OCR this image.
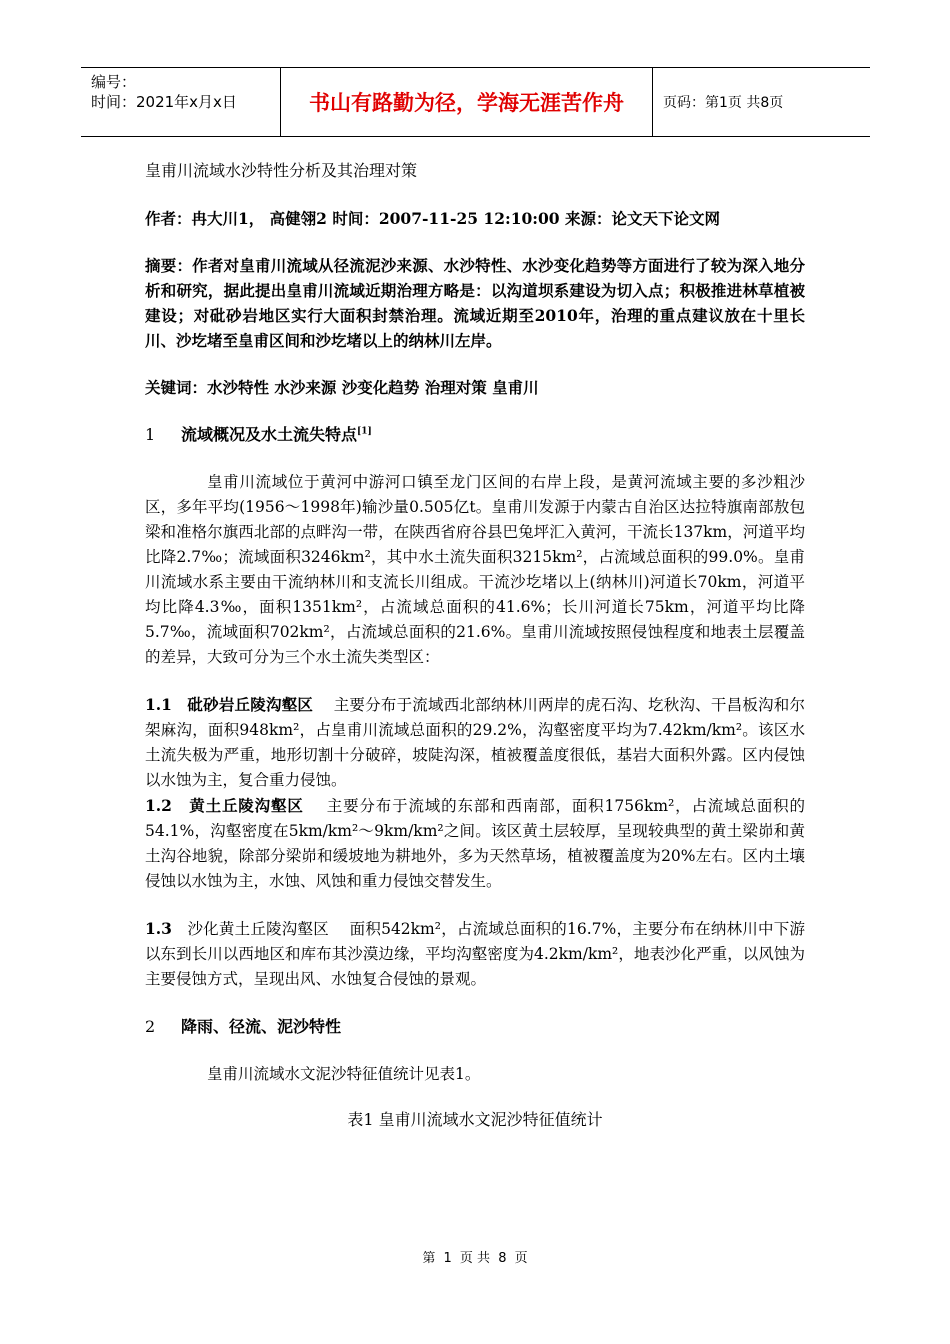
编号：
时间：2021年x月x日	书山有路勤为径，学海无涯苦作舟	页码：第1页 共8页
皇甫川流域水沙特性分析及其治理对策

作者：冉大川1， 高健翎2 时间：2007-11-25 12:10:00 来源：论文天下论文网

摘要：作者对皇甫川流域从径流泥沙来源、水沙特性、水沙变化趋势等方面进行了较为深入地分析和研究，据此提出皇甫川流域近期治理方略是：以沟道坝系建设为切入点；积极推进林草植被建设；对砒砂岩地区实行大面积封禁治理。流域近期至2010年，治理的重点建议放在十里长川、沙圪堵至皇甫区间和沙圪堵以上的纳林川左岸。

关键词：水沙特性 水沙来源 沙变化趋势 治理对策 皇甫川

1 流域概况及水土流失特点[1]

皇甫川流域位于黄河中游河口镇至龙门区间的右岸上段，是黄河流域主要的多沙粗沙区，多年平均(1956～1998年)输沙量0.505亿t。皇甫川发源于内蒙古自治区达拉特旗南部敖包梁和准格尔旗西北部的点畔沟一带，在陕西省府谷县巴兔坪汇入黄河，干流长137km，河道平均比降2.7‰；流域面积3246km²，其中水土流失面积3215km²，占流域总面积的99.0%。皇甫川流域水系主要由干流纳林川和支流长川组成。干流沙圪堵以上(纳林川)河道长70km，河道平均比降4.3‰，面积1351km²，占流域总面积的41.6%；长川河道长75km，河道平均比降5.7‰，流域面积702km²，占流域总面积的21.6%。皇甫川流域按照侵蚀程度和地表土层覆盖的差异，大致可分为三个水土流失类型区：

1.1 砒砂岩丘陵沟壑区 主要分布于流域西北部纳林川两岸的虎石沟、圪秋沟、干昌板沟和尔架麻沟，面积948km²，占皇甫川流域总面积的29.2%，沟壑密度平均为7.42km/km²。该区水土流失极为严重，地形切割十分破碎，坡陡沟深，植被覆盖度很低，基岩大面积外露。区内侵蚀以水蚀为主，复合重力侵蚀。

1.2 黄土丘陵沟壑区 主要分布于流域的东部和西南部，面积1756km²，占流域总面积的54.1%，沟壑密度在5km/km²～9km/km²之间。该区黄土层较厚，呈现较典型的黄土梁峁和黄土沟谷地貌，除部分梁峁和缓坡地为耕地外，多为天然草场，植被覆盖度为20%左右。区内土壤侵蚀以水蚀为主，水蚀、风蚀和重力侵蚀交替发生。

1.3 沙化黄土丘陵沟壑区 面积542km²，占流域总面积的16.7%，主要分布在纳林川中下游以东到长川以西地区和库布其沙漠边缘，平均沟壑密度为4.2km/km²，地表沙化严重，以风蚀为主要侵蚀方式，呈现出风、水蚀复合侵蚀的景观。

2 降雨、径流、泥沙特性

皇甫川流域水文泥沙特征值统计见表1。

表1 皇甫川流域水文泥沙特征值统计
第 1 页 共 8 页
